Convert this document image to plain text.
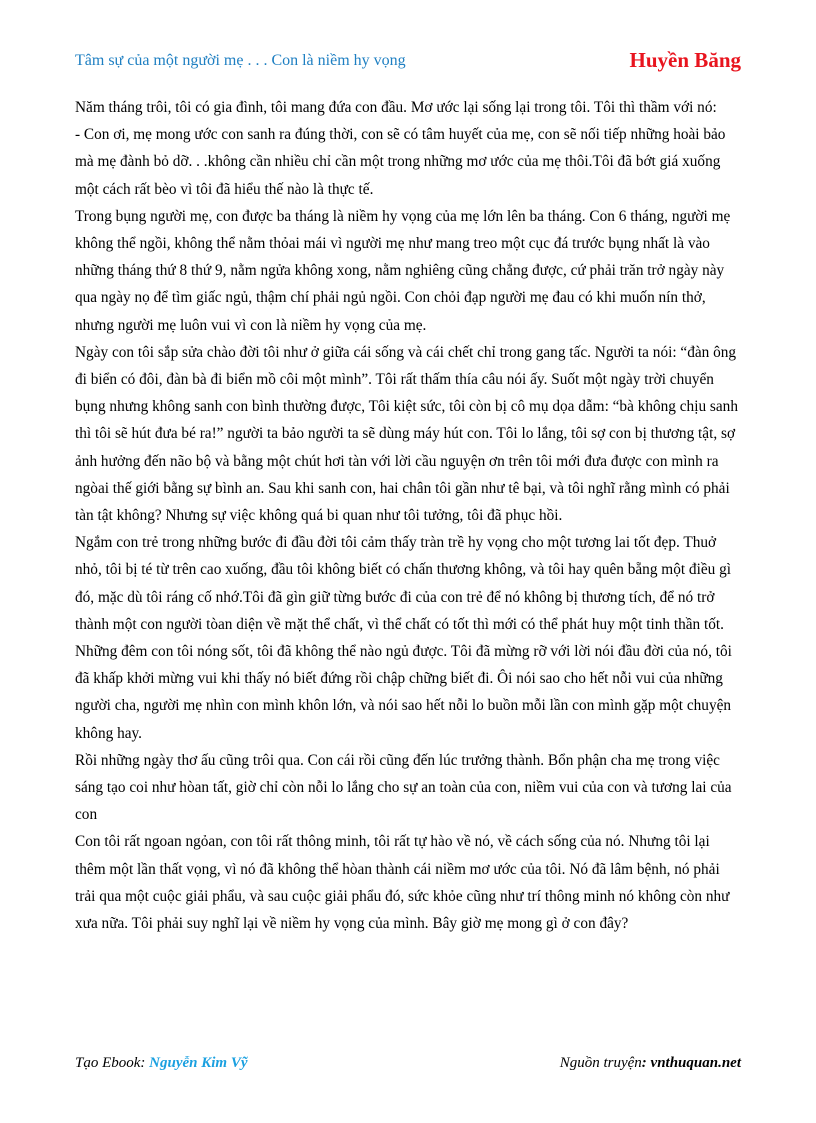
Tâm sự của một người mẹ . . . Con là niềm hy vọng	Huyền Băng

Năm tháng trôi, tôi có gia đình, tôi mang đứa con đầu. Mơ ước lại sống lại trong tôi. Tôi thì thầm với nó:

- Con ơi, mẹ mong ước con sanh ra đúng thời, con sẽ có tâm huyết của mẹ, con sẽ nối tiếp những hoài bảo mà mẹ đành bỏ dỡ. . .không cần nhiều chỉ cần một trong những mơ ước của mẹ thôi.Tôi đã bớt giá xuống một cách rất bèo vì tôi đã hiểu thế nào là thực tế.

Trong bụng người mẹ, con được ba tháng là niềm hy vọng của mẹ lớn lên ba tháng. Con 6 tháng, người mẹ không thể ngồi, không thể nằm thỏai mái vì người mẹ như mang treo một cục đá trước bụng nhất là vào những tháng thứ 8 thứ 9, nằm ngửa không xong, nằm nghiêng cũng chẳng được, cứ phải trăn trở ngày này qua ngày nọ để tìm giấc ngủ, thậm chí phải ngủ ngồi. Con chỏi đạp người mẹ đau có khi muốn nín thở, nhưng người mẹ luôn vui vì con là niềm hy vọng của mẹ.

Ngày con tôi sắp sửa chào đời tôi như ở giữa cái sống và cái chết chỉ trong gang tấc. Người ta nói: “đàn ông đi biển có đôi, đàn bà đi biển mồ côi một mình”. Tôi rất thấm thía câu nói ấy. Suốt một ngày trời chuyển bụng nhưng không sanh con bình thường được, Tôi kiệt sức, tôi còn bị cô mụ dọa dẫm: “bà không chịu sanh thì tôi sẽ hút đưa bé ra!” người ta bảo người ta sẽ dùng máy hút con. Tôi lo lắng, tôi sợ con bị thương tật, sợ ảnh hưởng đến não bộ và bằng một chút hơi tàn với lời cầu nguyện ơn trên tôi mới đưa được con mình ra ngòai thế giới bằng sự bình an. Sau khi sanh con, hai chân tôi gần như tê bại, và tôi nghĩ rằng mình có phải tàn tật không? Nhưng sự việc không quá bi quan như tôi tưởng, tôi đã phục hồi.

Ngắm con trẻ trong những bước đi đầu đời tôi cảm thấy tràn trề hy vọng cho một tương lai tốt đẹp. Thuở nhỏ, tôi bị té từ trên cao xuống, đầu tôi không biết có chấn thương không, và tôi hay quên bẵng một điều gì đó, mặc dù tôi ráng cố nhớ.Tôi đã gìn giữ từng bước đi của con trẻ để nó không bị thương tích, để nó trở thành một con người tòan diện về mặt thể chất, vì thể chất có tốt thì mới có thể phát huy một tinh thần tốt. Những đêm con tôi nóng sốt, tôi đã không thể nào ngủ được. Tôi đã mừng rỡ với lời nói đầu đời của nó, tôi đã khấp khởi mừng vui khi thấy nó biết đứng rồi chập chững biết đi. Ôi nói sao cho hết nỗi vui của những người cha, người mẹ nhìn con mình khôn lớn, và nói sao hết nỗi lo buồn mỗi lần con mình gặp một chuyện không hay.

Rồi những ngày thơ ấu cũng trôi qua. Con cái rồi cũng đến lúc trưởng thành. Bổn phận cha mẹ trong việc sáng tạo coi như hòan tất, giờ chỉ còn nỗi lo lắng cho sự an toàn của con, niềm vui của con và tương lai của con

Con tôi rất ngoan ngỏan, con tôi rất thông minh, tôi rất tự hào về nó, về cách sống của nó. Nhưng tôi lại thêm một lần thất vọng, vì nó đã không thể hòan thành cái niềm mơ ước của tôi. Nó đã lâm bệnh, nó phải trải qua một cuộc giải phẩu, và sau cuộc giải phẩu đó, sức khỏe cũng như trí thông minh nó không còn như xưa nữa. Tôi phải suy nghĩ lại về niềm hy vọng của mình. Bây giờ mẹ mong gì ở con đây?

Tạo Ebook: Nguyễn Kim Vỹ	Nguồn truyện: vnthuquan.net
